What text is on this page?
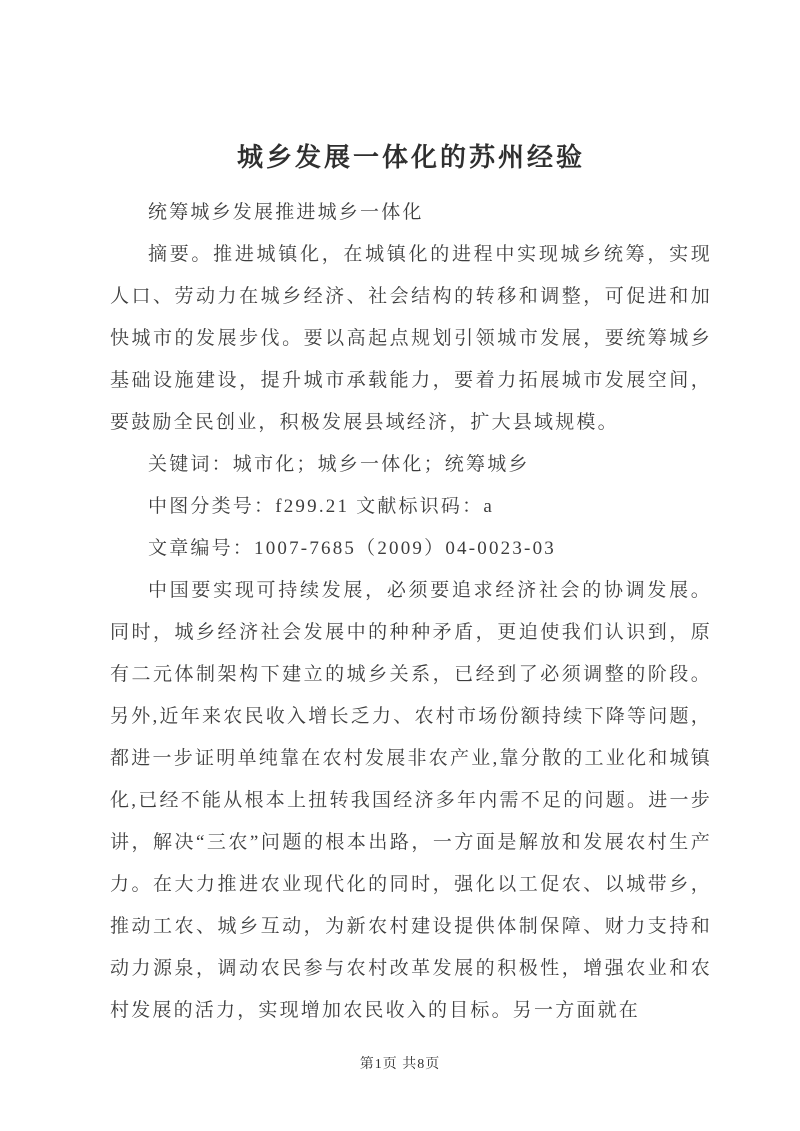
城乡发展一体化的苏州经验

统筹城乡发展推进城乡一体化

摘要。推进城镇化，在城镇化的进程中实现城乡统筹，实现人口、劳动力在城乡经济、社会结构的转移和调整，可促进和加快城市的发展步伐。要以高起点规划引领城市发展，要统筹城乡基础设施建设，提升城市承载能力，要着力拓展城市发展空间，要鼓励全民创业，积极发展县域经济，扩大县域规模。

关键词：城市化；城乡一体化；统筹城乡

中图分类号：f299.21 文献标识码：a

文章编号：1007-7685（2009）04-0023-03

中国要实现可持续发展，必须要追求经济社会的协调发展。同时，城乡经济社会发展中的种种矛盾，更迫使我们认识到，原有二元体制架构下建立的城乡关系，已经到了必须调整的阶段。另外,近年来农民收入增长乏力、农村市场份额持续下降等问题，都进一步证明单纯靠在农村发展非农产业,靠分散的工业化和城镇化,已经不能从根本上扭转我国经济多年内需不足的问题。进一步讲，解决“三农”问题的根本出路，一方面是解放和发展农村生产力。在大力推进农业现代化的同时，强化以工促农、以城带乡，推动工农、城乡互动，为新农村建设提供体制保障、财力支持和动力源泉，调动农民参与农村改革发展的积极性，增强农业和农村发展的活力，实现增加农民收入的目标。另一方面就在

第1页 共8页
